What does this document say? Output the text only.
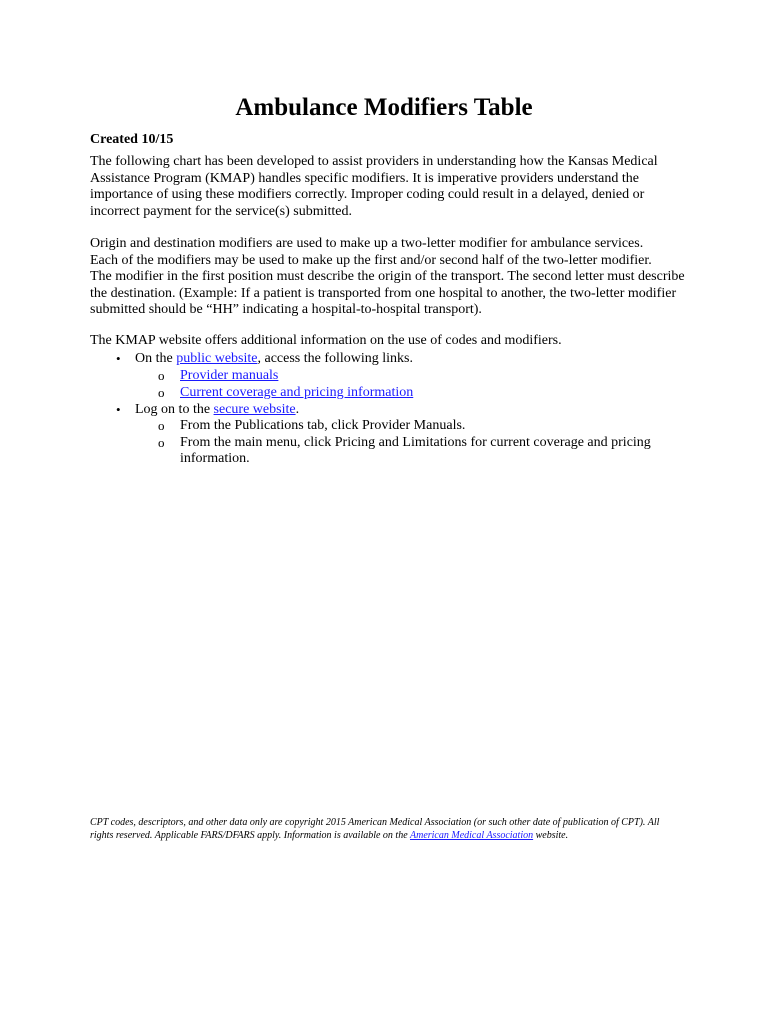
Ambulance Modifiers Table

Created 10/15

The following chart has been developed to assist providers in understanding how the Kansas Medical
Assistance Program (KMAP) handles specific modifiers. It is imperative providers understand the
importance of using these modifiers correctly. Improper coding could result in a delayed, denied or
incorrect payment for the service(s) submitted.

Origin and destination modifiers are used to make up a two-letter modifier for ambulance services.
Each of the modifiers may be used to make up the first and/or second half of the two-letter modifier.
The modifier in the first position must describe the origin of the transport. The second letter must describe
the destination. (Example: If a patient is transported from one hospital to another, the two-letter modifier
submitted should be “HH” indicating a hospital-to-hospital transport).

The KMAP website offers additional information on the use of codes and modifiers.

• On the public website, access the following links.
o Provider manuals
o Current coverage and pricing information
• Log on to the secure website.
o From the Publications tab, click Provider Manuals.
o From the main menu, click Pricing and Limitations for current coverage and pricing
information.

CPT codes, descriptors, and other data only are copyright 2015 American Medical Association (or such other date of publication of CPT). All
rights reserved. Applicable FARS/DFARS apply. Information is available on the American Medical Association website.
